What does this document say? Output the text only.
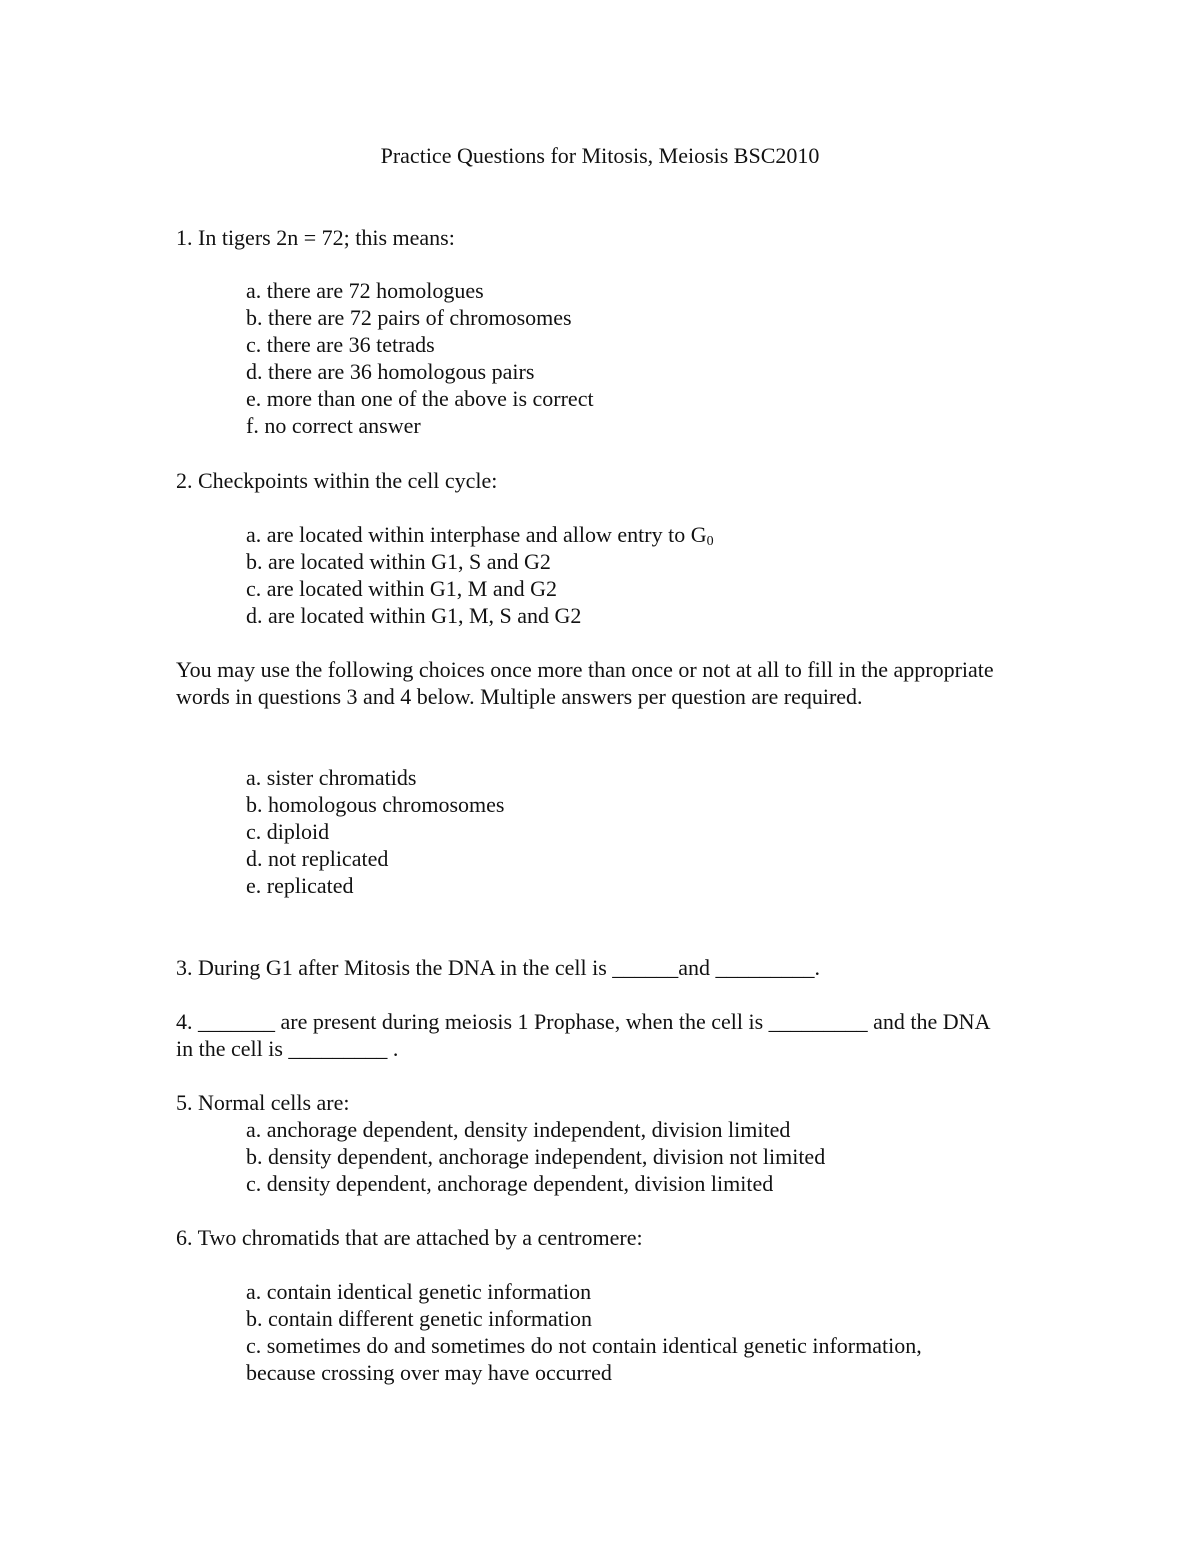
Practice Questions for Mitosis, Meiosis BSC2010
1. In tigers 2n = 72; this means:
a. there are 72 homologues
b. there are 72 pairs of chromosomes
c. there are 36 tetrads
d. there are 36 homologous pairs
e. more than one of the above is correct
f. no correct answer
2. Checkpoints within the cell cycle:
a. are located within interphase and allow entry to $G_0$
b. are located within G1, S and G2
c. are located within G1, M and G2
d. are located within G1, M, S and G2

You may use the following choices once more than once or not at all to fill in the appropriate words in questions 3 and 4 below. Multiple answers per question are required.

a. sister chromatids
b. homologous chromosomes
c. diploid
d. not replicated
e. replicated
3. During G1 after Mitosis the DNA in the cell is ______and _________.

4. _______ are present during meiosis 1 Prophase, when the cell is _________ and the DNA in the cell is _________ .

5. Normal cells are:
a. anchorage dependent, density independent, division limited
b. density dependent, anchorage independent, division not limited
c. density dependent, anchorage dependent, division limited
6. Two chromatids that are attached by a centromere:
a. contain identical genetic information
b. contain different genetic information
c. sometimes do and sometimes do not contain identical genetic information,
because crossing over may have occurred
